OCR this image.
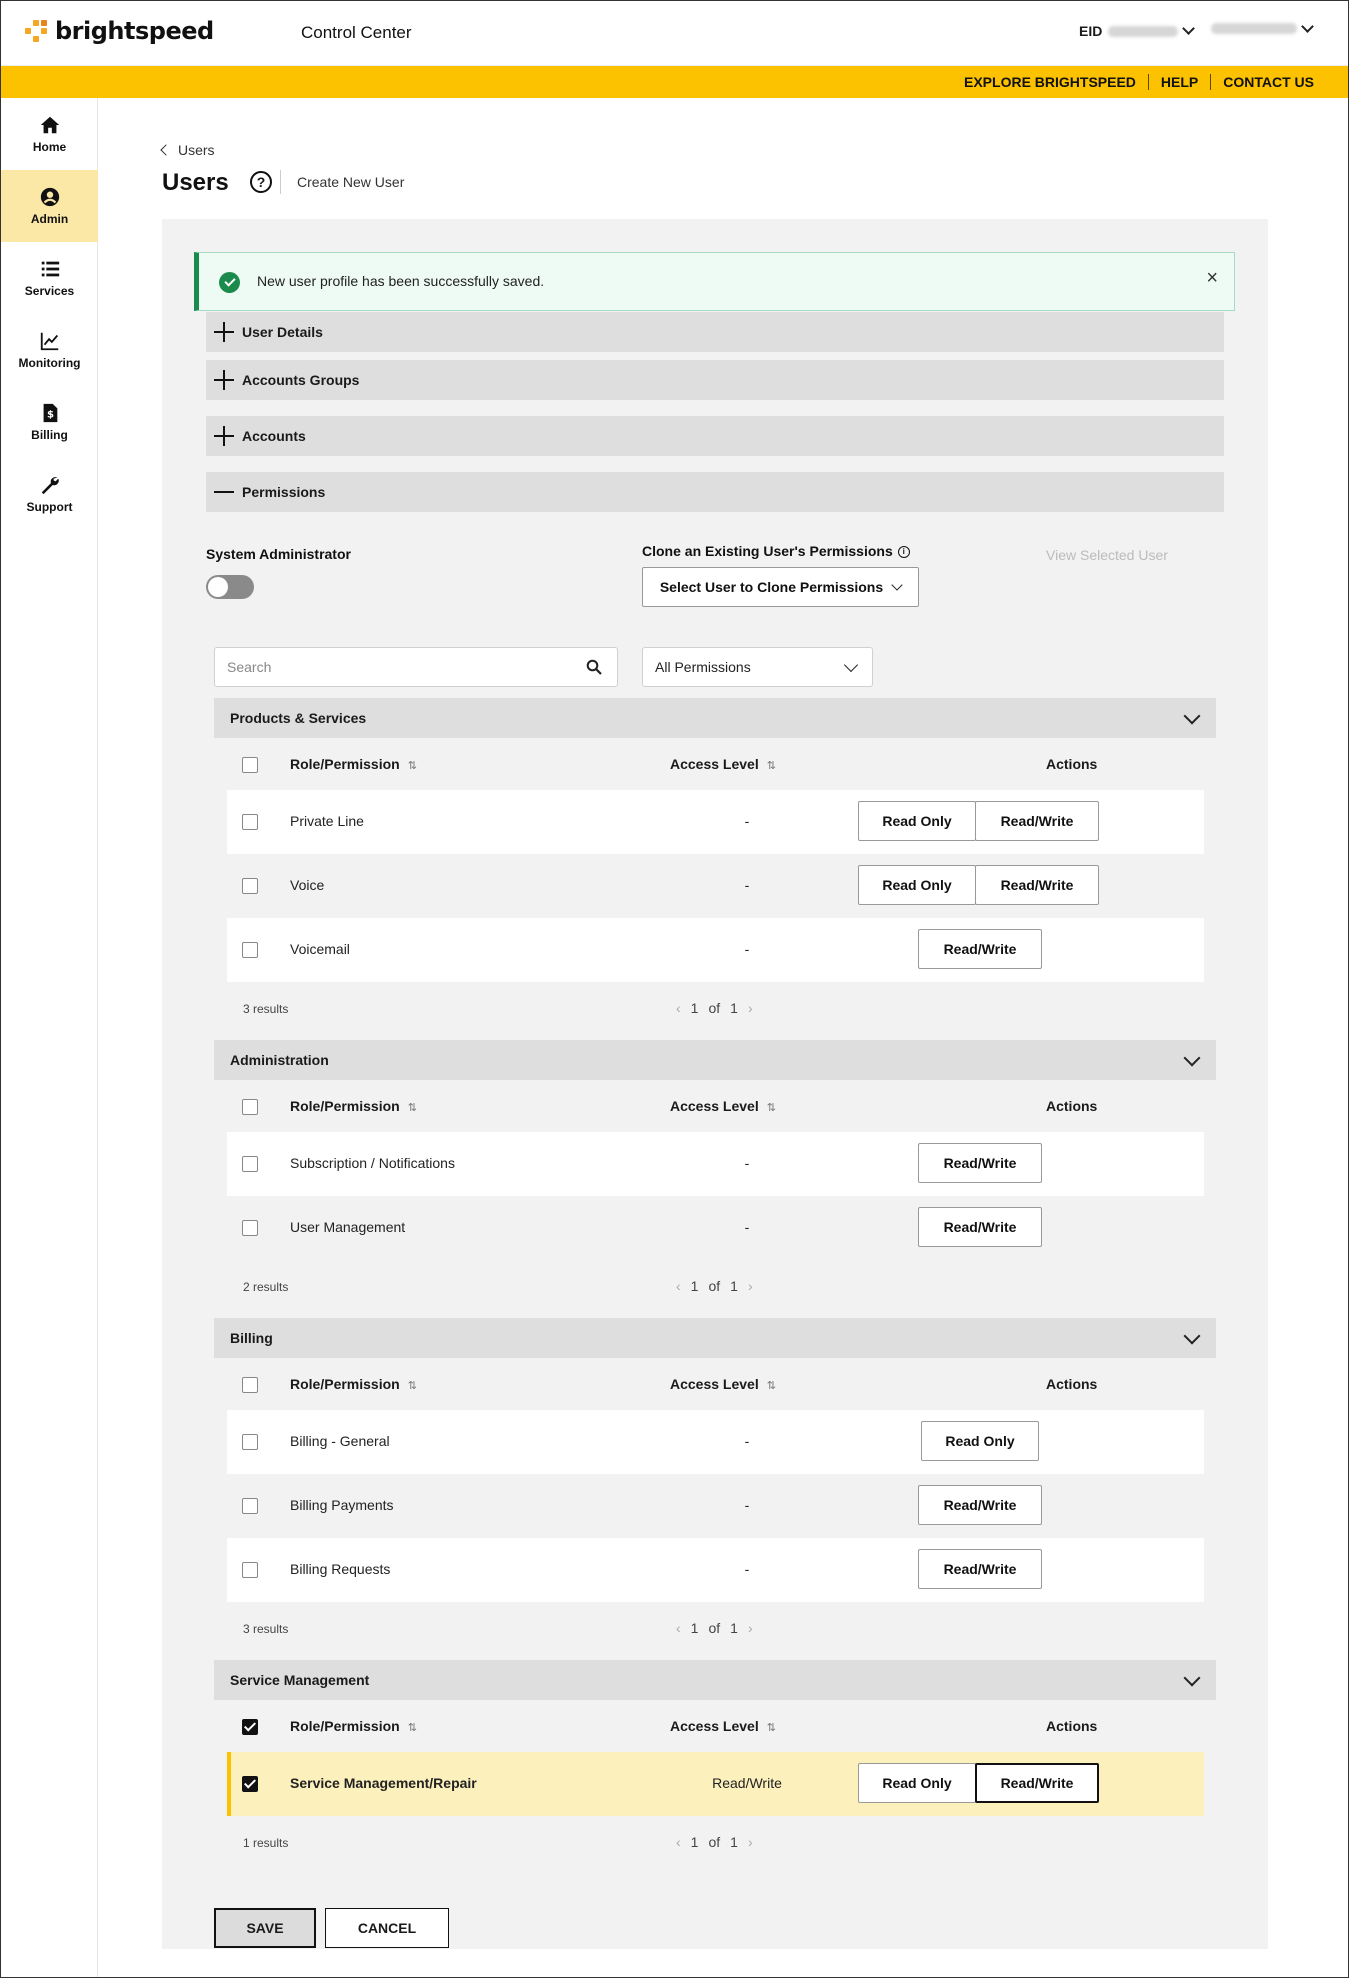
brightspeed	Control Center	EID
EXPLORE BRIGHTSPEED	HELP	CONTACT US
Home
Admin
Services
Monitoring
$
Billing
Support
Users
Users	?	Create New User
New user profile has been successfully saved.	×
User Details
Accounts Groups
Accounts
Permissions
System Administrator	Clone an Existing User's Permissions i
Select User to Clone Permissions
View Selected User
Search
All Permissions
Products & Services
Role/Permission ⇅	Access Level ⇅	Actions
Private Line	-	Read Only	Read/Write
Voice	-	Read Only	Read/Write
Voicemail	-	Read/Write
3 results	‹ 1 of 1 ›
Administration
Role/Permission ⇅	Access Level ⇅	Actions
Subscription / Notifications	-	Read/Write
User Management	-	Read/Write
2 results	‹ 1 of 1 ›
Billing
Role/Permission ⇅	Access Level ⇅	Actions
Billing - General	-	Read Only
Billing Payments	-	Read/Write
Billing Requests	-	Read/Write
3 results	‹ 1 of 1 ›
Service Management
Role/Permission ⇅	Access Level ⇅	Actions
Service Management/Repair	Read/Write	Read Only	Read/Write
1 results	‹ 1 of 1 ›
SAVE	CANCEL
